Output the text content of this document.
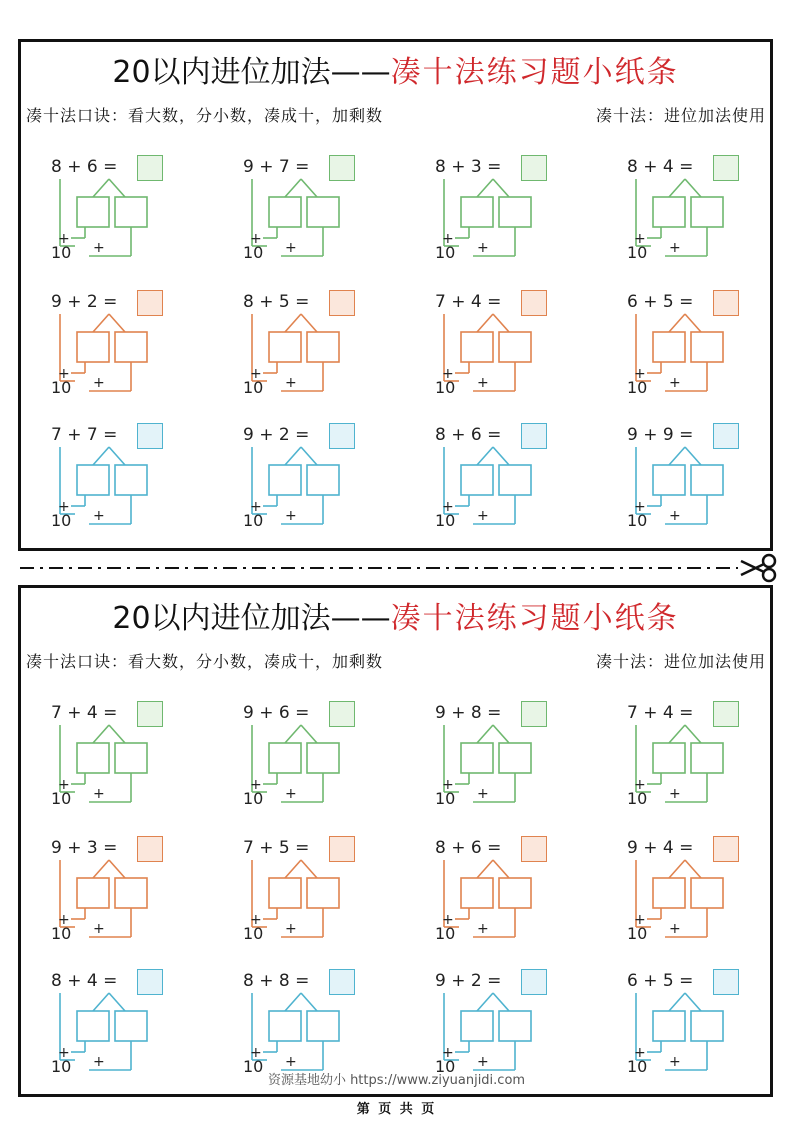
20以内进位加法——凑十法练习题小纸条
凑十法口诀：看大数，分小数，凑成十，加剩数	凑十法：进位加法使用
8 + 6 =
+
+
10
9 + 7 =
+
+
10
8 + 3 =
+
+
10
8 + 4 =
+
+
10
9 + 2 =
+
+
10
8 + 5 =
+
+
10
7 + 4 =
+
+
10
6 + 5 =
+
+
10
7 + 7 =
+
+
10
9 + 2 =
+
+
10
8 + 6 =
+
+
10
9 + 9 =
+
+
10
20以内进位加法——凑十法练习题小纸条
凑十法口诀：看大数，分小数，凑成十，加剩数	凑十法：进位加法使用
7 + 4 =
+
+
10
9 + 6 =
+
+
10
9 + 8 =
+
+
10
7 + 4 =
+
+
10
9 + 3 =
+
+
10
7 + 5 =
+
+
10
8 + 6 =
+
+
10
9 + 4 =
+
+
10
8 + 4 =
+
+
10
8 + 8 =
+
+
10
9 + 2 =
+
+
10
6 + 5 =
+
+
10
资源基地幼小 https://www.ziyuanjidi.com
第 页 共 页
